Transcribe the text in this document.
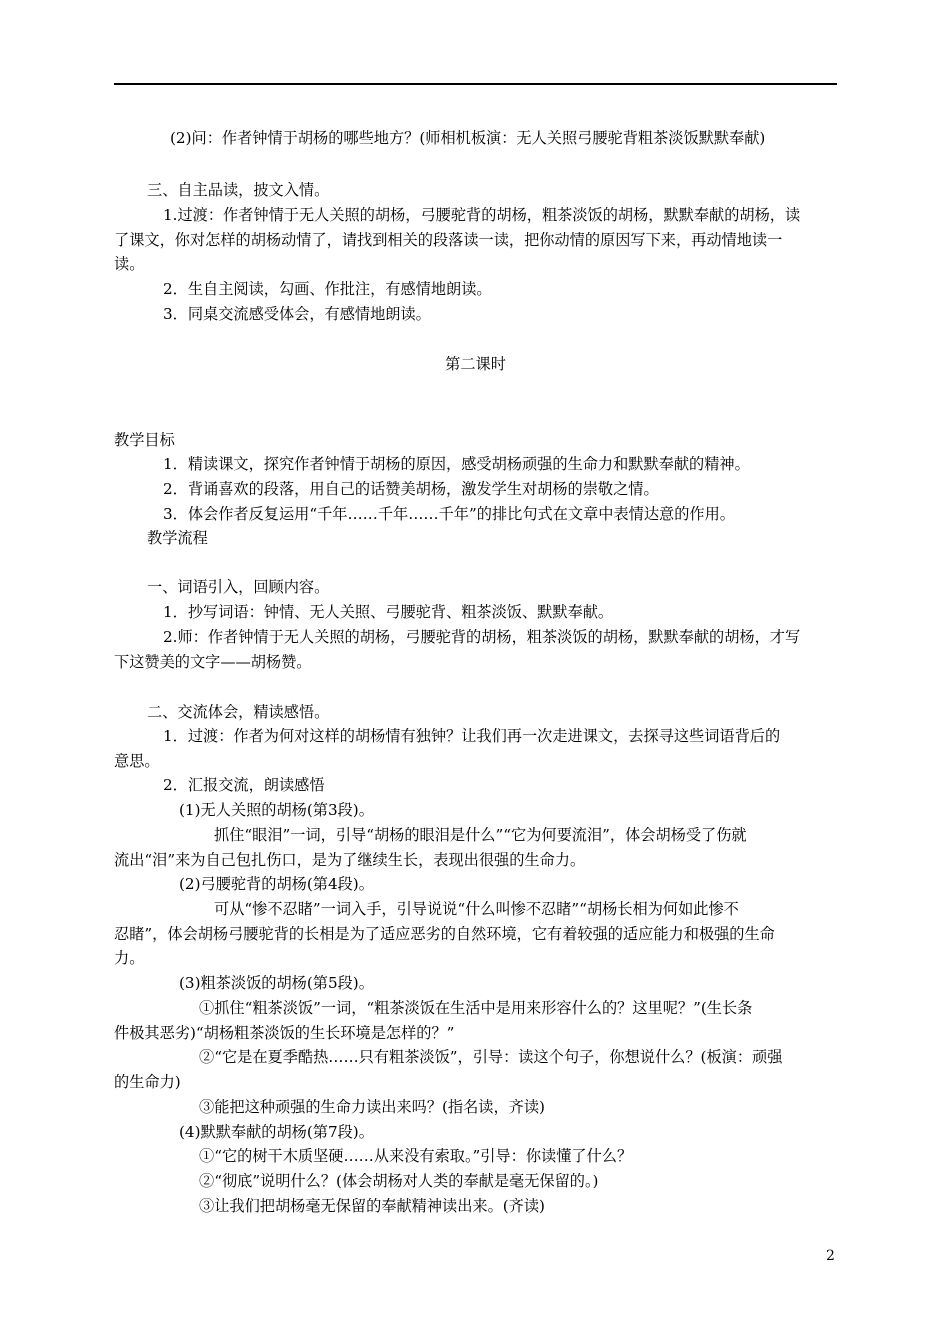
(2)问：作者钟情于胡杨的哪些地方？(师相机板演：无人关照弓腰驼背粗茶淡饭默默奉献)
三、自主品读，披文入情。
1.过渡：作者钟情于无人关照的胡杨，弓腰驼背的胡杨，粗茶淡饭的胡杨，默默奉献的胡杨，读
了课文，你对怎样的胡杨动情了，请找到相关的段落读一读，把你动情的原因写下来，再动情地读一
读。
2．生自主阅读，勾画、作批注，有感情地朗读。
3．同桌交流感受体会，有感情地朗读。
第二课时
教学目标
1．精读课文，探究作者钟情于胡杨的原因，感受胡杨顽强的生命力和默默奉献的精神。
2．背诵喜欢的段落，用自己的话赞美胡杨，激发学生对胡杨的崇敬之情。
3．体会作者反复运用“千年……千年……千年”的排比句式在文章中表情达意的作用。
教学流程
一、词语引入，回顾内容。
1．抄写词语：钟情、无人关照、弓腰驼背、粗茶淡饭、默默奉献。
2.师：作者钟情于无人关照的胡杨，弓腰驼背的胡杨，粗茶淡饭的胡杨，默默奉献的胡杨，才写
下这赞美的文字——胡杨赞。
二、交流体会，精读感悟。
1．过渡：作者为何对这样的胡杨情有独钟？让我们再一次走进课文，去探寻这些词语背后的
意思。
2．汇报交流，朗读感悟
(1)无人关照的胡杨(第3段)。
抓住“眼泪”一词，引导“胡杨的眼泪是什么”“它为何要流泪”，体会胡杨受了伤就
流出“泪”来为自己包扎伤口，是为了继续生长，表现出很强的生命力。
(2)弓腰驼背的胡杨(第4段)。
可从“惨不忍睹”一词入手，引导说说“什么叫惨不忍睹”“胡杨长相为何如此惨不
忍睹”，体会胡杨弓腰驼背的长相是为了适应恶劣的自然环境，它有着较强的适应能力和极强的生命
力。
(3)粗茶淡饭的胡杨(第5段)。
①抓住“粗茶淡饭”一词，“粗茶淡饭在生活中是用来形容什么的？这里呢？”(生长条
件极其恶劣)“胡杨粗茶淡饭的生长环境是怎样的？”
②“它是在夏季酷热……只有粗茶淡饭”，引导：读这个句子，你想说什么？(板演：顽强
的生命力)
③能把这种顽强的生命力读出来吗？(指名读，齐读)
(4)默默奉献的胡杨(第7段)。
①“它的树干木质坚硬……从来没有索取。”引导：你读懂了什么？
②“彻底”说明什么？(体会胡杨对人类的奉献是毫无保留的。)
③让我们把胡杨毫无保留的奉献精神读出来。(齐读)
2
